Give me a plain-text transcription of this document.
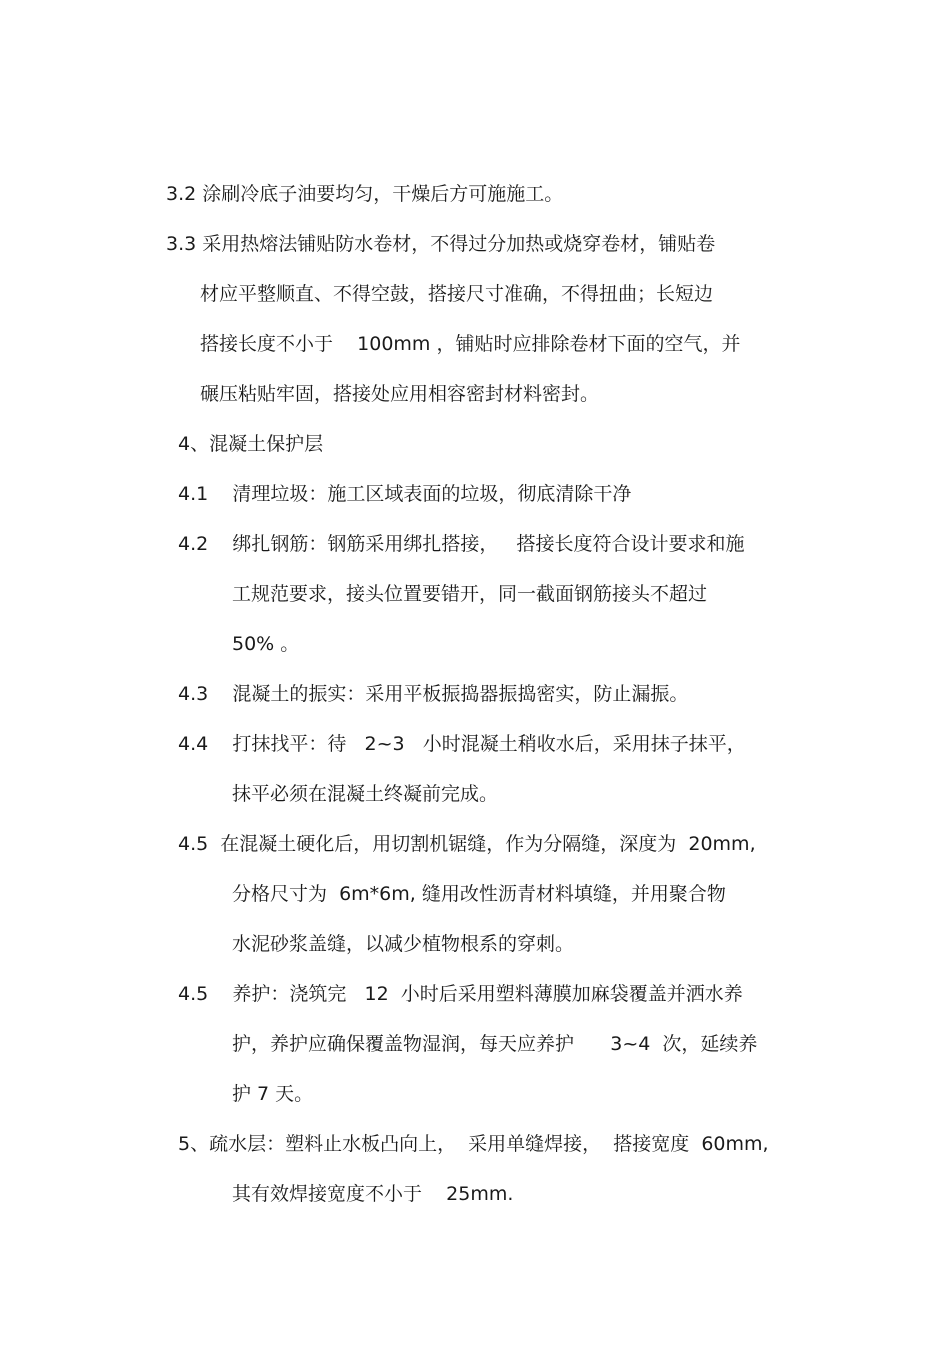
3.2 涂刷冷底子油要均匀，干燥后方可施施工。
3.3 采用热熔法铺贴防水卷材，不得过分加热或烧穿卷材，铺贴卷
材应平整顺直、不得空鼓，搭接尺寸准确，不得扭曲；长短边
搭接长度不小于    100mm ，铺贴时应排除卷材下面的空气，并
碾压粘贴牢固，搭接处应用相容密封材料密封。
4、混凝土保护层
4.1    清理垃圾：施工区域表面的垃圾，彻底清除干净
4.2    绑扎钢筋：钢筋采用绑扎搭接，   搭接长度符合设计要求和施
工规范要求，接头位置要错开，同一截面钢筋接头不超过
50% 。
4.3    混凝土的振实：采用平板振捣器振捣密实，防止漏振。
4.4    打抹找平：待   2~3   小时混凝土稍收水后，采用抹子抹平，
抹平必须在混凝土终凝前完成。
4.5  在混凝土硬化后，用切割机锯缝，作为分隔缝，深度为  20mm,
分格尺寸为  6m*6m, 缝用改性沥青材料填缝，并用聚合物
水泥砂浆盖缝，以减少植物根系的穿刺。
4.5    养护：浇筑完   12  小时后采用塑料薄膜加麻袋覆盖并洒水养
护，养护应确保覆盖物湿润，每天应养护      3~4  次，延续养
护 7 天。
5、疏水层：塑料止水板凸向上，  采用单缝焊接，  搭接宽度  60mm,
其有效焊接宽度不小于    25mm.
